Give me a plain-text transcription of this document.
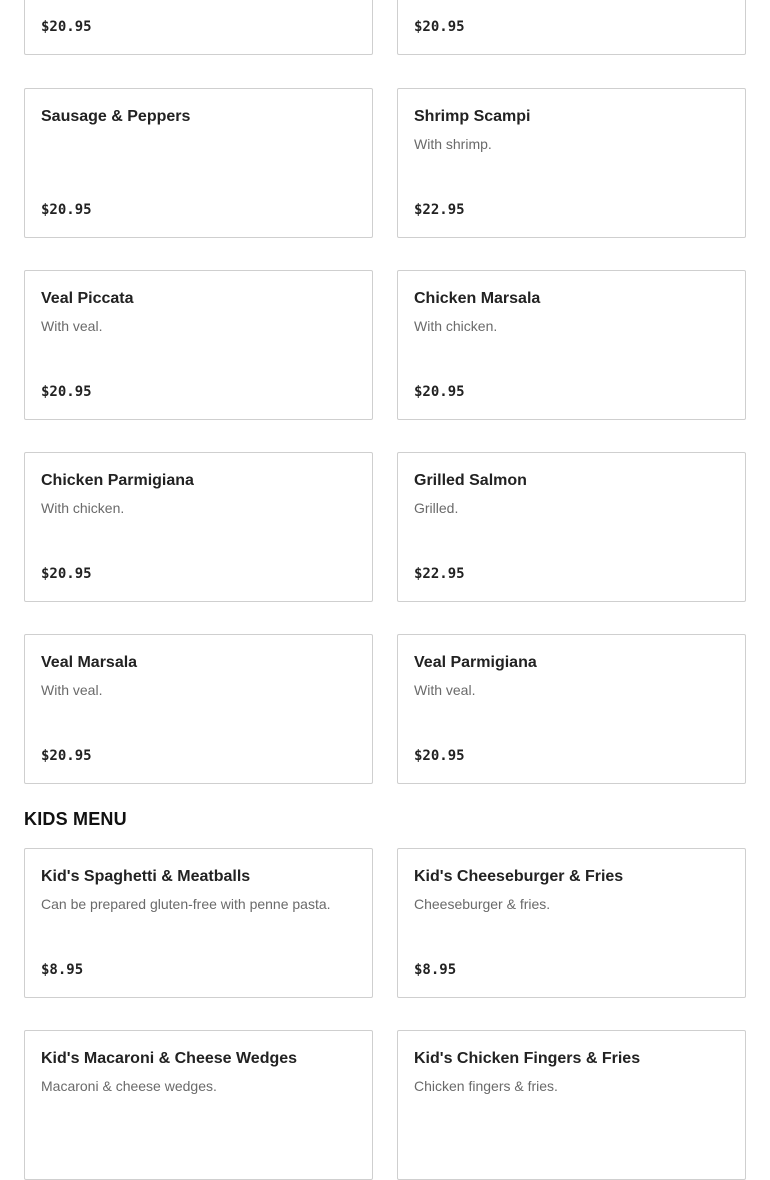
$20.95	$20.95
Sausage & Peppers
$20.95
Shrimp Scampi
With shrimp.
$22.95
Veal Piccata
With veal.
$20.95
Chicken Marsala
With chicken.
$20.95
Chicken Parmigiana
With chicken.
$20.95
Grilled Salmon
Grilled.
$22.95
Veal Marsala
With veal.
$20.95
Veal Parmigiana
With veal.
$20.95
KIDS MENU
Kid's Spaghetti & Meatballs
Can be prepared gluten-free with penne pasta.
$8.95
Kid's Cheeseburger & Fries
Cheeseburger & fries.
$8.95
Kid's Macaroni & Cheese Wedges
Macaroni & cheese wedges.
Kid's Chicken Fingers & Fries
Chicken fingers & fries.
